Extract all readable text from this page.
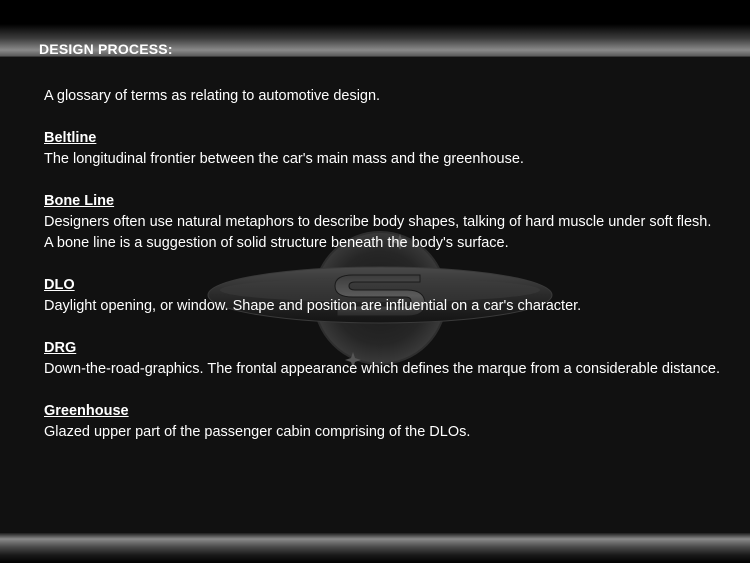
DESIGN PROCESS:

A glossary of terms as relating to automotive design.

Beltline

The longitudinal frontier between the car's main mass and the greenhouse.

Bone Line

Designers often use natural metaphors to describe body shapes, talking of hard muscle under soft flesh.

A bone line is a suggestion of solid structure beneath the body's surface.

DLO

Daylight opening, or window. Shape and position are influential on a car's character.

DRG

Down-the-road-graphics. The frontal appearance which defines the marque from a considerable distance.

Greenhouse

Glazed upper part of the passenger cabin comprising of the DLOs.
